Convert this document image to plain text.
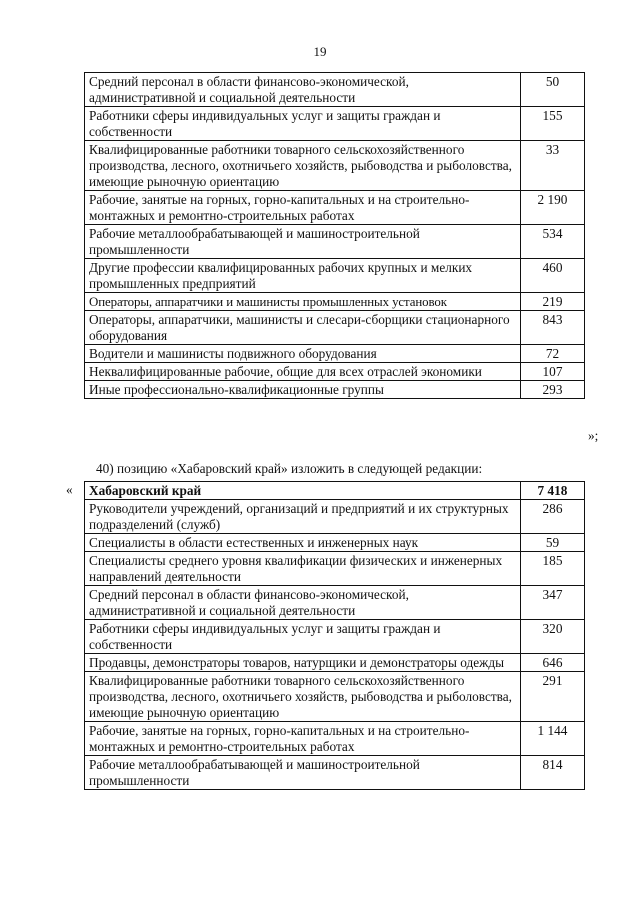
19
Средний персонал в области финансово-экономической, административной и социальной деятельности	50
Работники сферы индивидуальных услуг и защиты граждан и собственности	155
Квалифицированные работники товарного сельскохозяйственного производства, лесного, охотничьего хозяйств, рыбоводства и рыболовства, имеющие рыночную ориентацию	33
Рабочие, занятые на горных, горно-капитальных и на строительно-монтажных и ремонтно-строительных работах	2 190
Рабочие металлообрабатывающей и машиностроительной промышленности	534
Другие профессии квалифицированных рабочих крупных и мелких промышленных предприятий	460
Операторы, аппаратчики и машинисты промышленных установок	219
Операторы, аппаратчики, машинисты и слесари-сборщики стационарного оборудования	843
Водители и машинисты подвижного оборудования	72
Неквалифицированные рабочие, общие для всех отраслей экономики	107
Иные профессионально-квалификационные группы	293
»;
40) позицию «Хабаровский край» изложить в следующей редакции:
« Хабаровский край	7 418
Руководители учреждений, организаций и предприятий и их структурных подразделений (служб)	286
Специалисты в области естественных и инженерных наук	59
Специалисты среднего уровня квалификации физических и инженерных направлений деятельности	185
Средний персонал в области финансово-экономической, административной и социальной деятельности	347
Работники сферы индивидуальных услуг и защиты граждан и собственности	320
Продавцы, демонстраторы товаров, натурщики и демонстраторы одежды	646
Квалифицированные работники товарного сельскохозяйственного производства, лесного, охотничьего хозяйств, рыбоводства и рыболовства, имеющие рыночную ориентацию	291
Рабочие, занятые на горных, горно-капитальных и на строительно-монтажных и ремонтно-строительных работах	1 144
Рабочие металлообрабатывающей и машиностроительной промышленности	814
